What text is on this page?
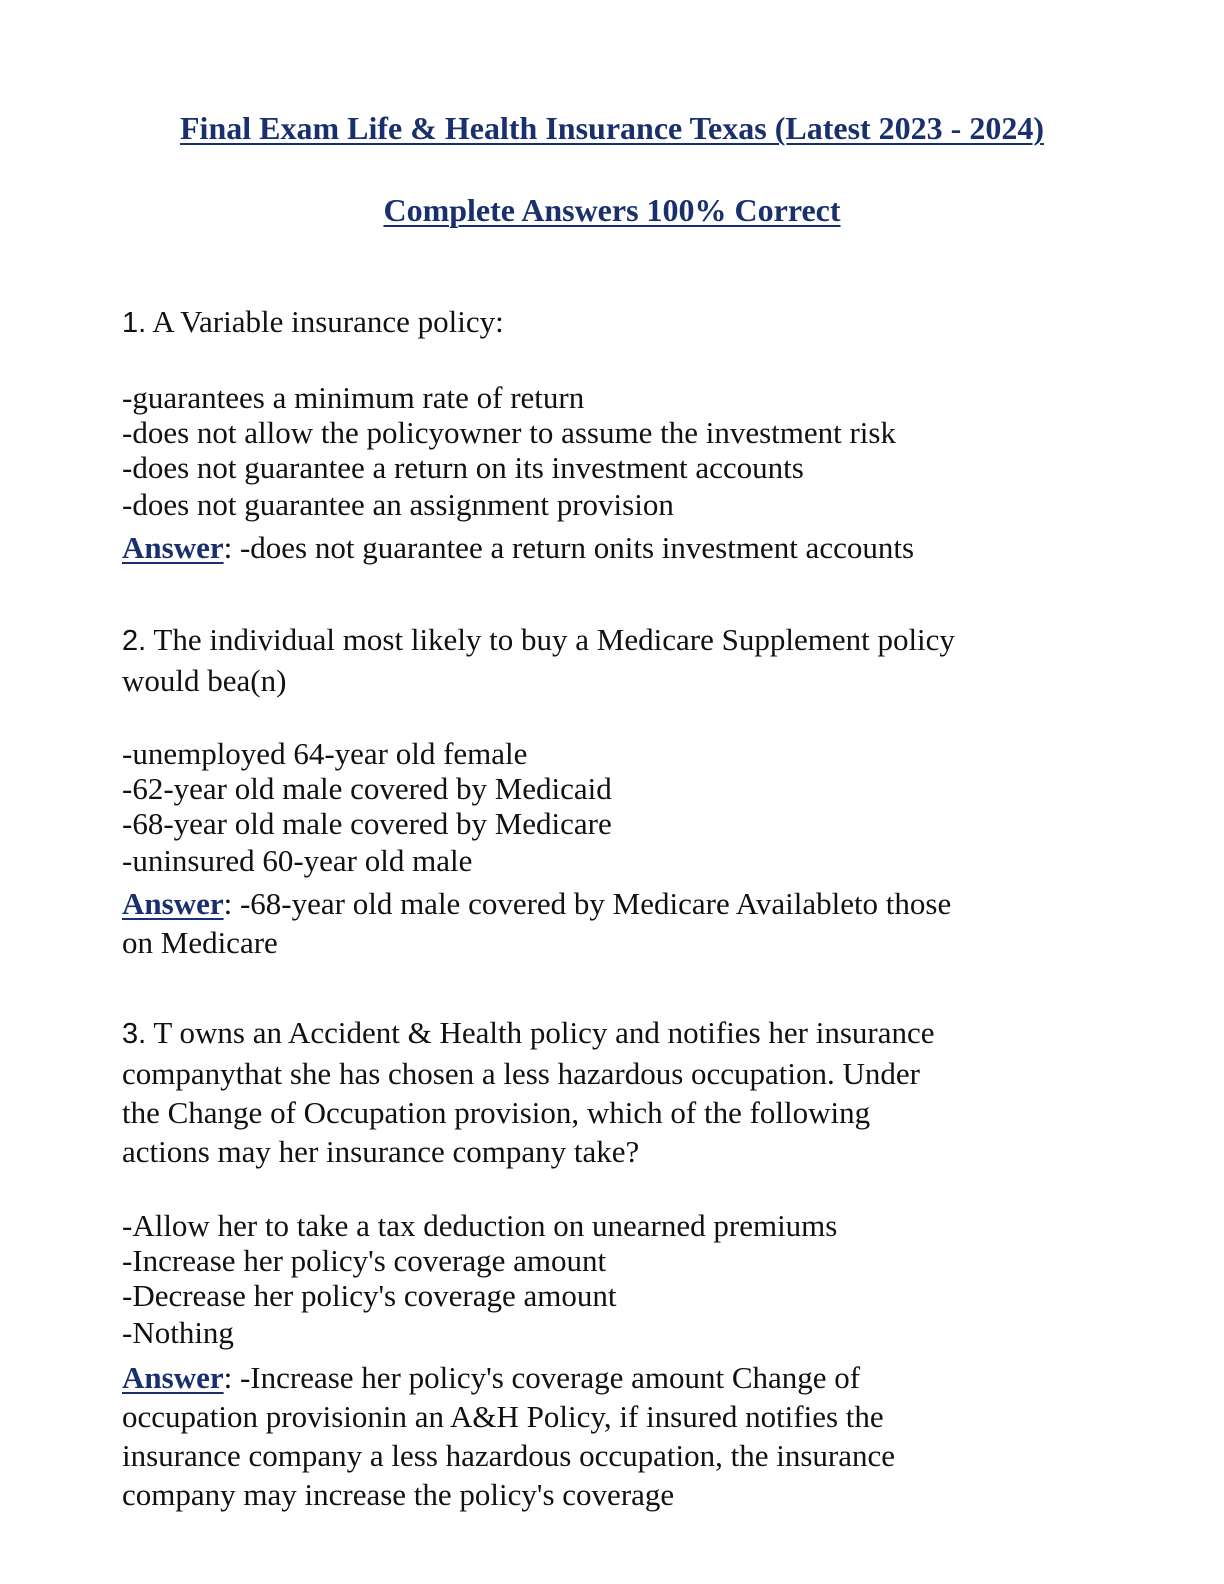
Final Exam Life & Health Insurance Texas (Latest 2023 - 2024)
Complete Answers 100% Correct
1. A Variable insurance policy:
-guarantees a minimum rate of return
-does not allow the policyowner to assume the investment risk
-does not guarantee a return on its investment accounts
-does not guarantee an assignment provision
Answer: -does not guarantee a return onits investment accounts
2. The individual most likely to buy a Medicare Supplement policy
would bea(n)
-unemployed 64-year old female
-62-year old male covered by Medicaid
-68-year old male covered by Medicare
-uninsured 60-year old male
Answer: -68-year old male covered by Medicare Availableto those
on Medicare
3. T owns an Accident & Health policy and notifies her insurance
companythat she has chosen a less hazardous occupation. Under
the Change of Occupation provision, which of the following
actions may her insurance company take?
-Allow her to take a tax deduction on unearned premiums
-Increase her policy's coverage amount
-Decrease her policy's coverage amount
-Nothing
Answer: -Increase her policy's coverage amount Change of
occupation provisionin an A&H Policy, if insured notifies the
insurance company a less hazardous occupation, the insurance
company may increase the policy's coverage
